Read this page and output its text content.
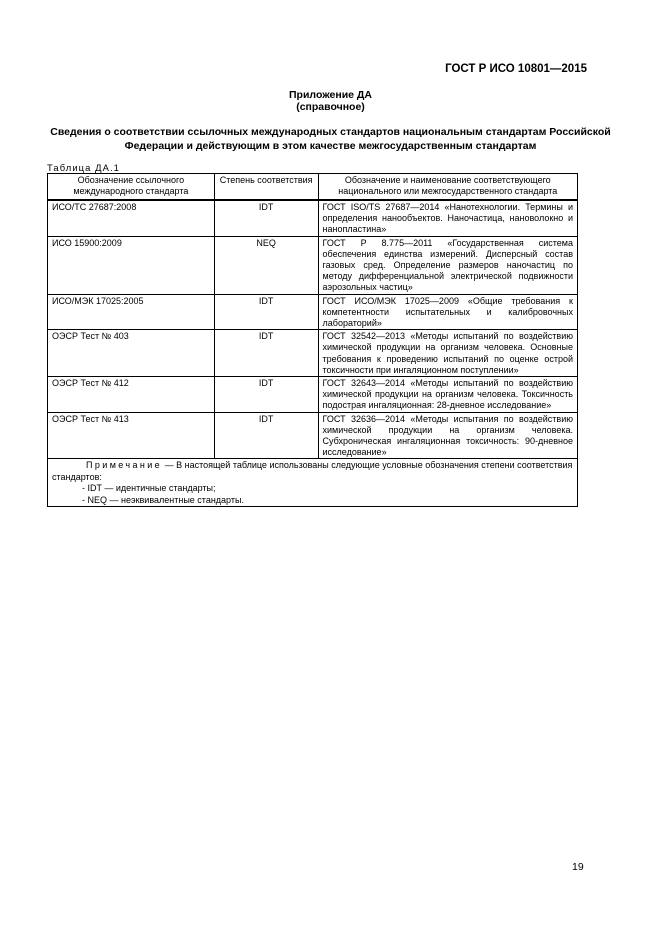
ГОСТ Р ИСО 10801—2015
Приложение ДА
(справочное)
Сведения о соответствии ссылочных международных стандартов национальным стандартам Российской Федерации и действующим в этом качестве межгосударственным стандартам
Таблица ДА.1
Обозначение ссылочного международного стандарта	Степень соответствия	Обозначение и наименование соответствующего национального или межгосударственного стандарта
ИСО/ТС 27687:2008	IDT	ГОСТ ISO/TS 27687—2014 «Нанотехнологии. Термины и определения нанообъектов. Наночастица, нановолокно и нанопластина»
ИСО 15900:2009	NEQ	ГОСТ Р 8.775—2011 «Государственная система обеспечения единства измерений. Дисперсный состав газовых сред. Определение размеров наночастиц по методу дифференциальной электрической подвижности аэрозольных частиц»
ИСО/МЭК 17025:2005	IDT	ГОСТ ИСО/МЭК 17025—2009 «Общие требования к компетентности испытательных и калибровочных лабораторий»
ОЭСР Тест № 403	IDT	ГОСТ 32542—2013 «Методы испытаний по воздействию химической продукции на организм человека. Основные требования к проведению испытаний по оценке острой токсичности при ингаляционном поступлении»
ОЭСР Тест № 412	IDT	ГОСТ 32643—2014 «Методы испытаний по воздействию химической продукции на организм человека. Токсичность подострая ингаляционная: 28-дневное исследование»
ОЭСР Тест № 413	IDT	ГОСТ 32636—2014 «Методы испытания по воздействию химической продукции на организм человека. Субхроническая ингаляционная токсичность: 90-дневное исследование»

Примечание — В настоящей таблице использованы следующие условные обозначения степени соответствия стандартов:
- IDT — идентичные стандарты;
- NEQ — неэквивалентные стандарты.		
19
